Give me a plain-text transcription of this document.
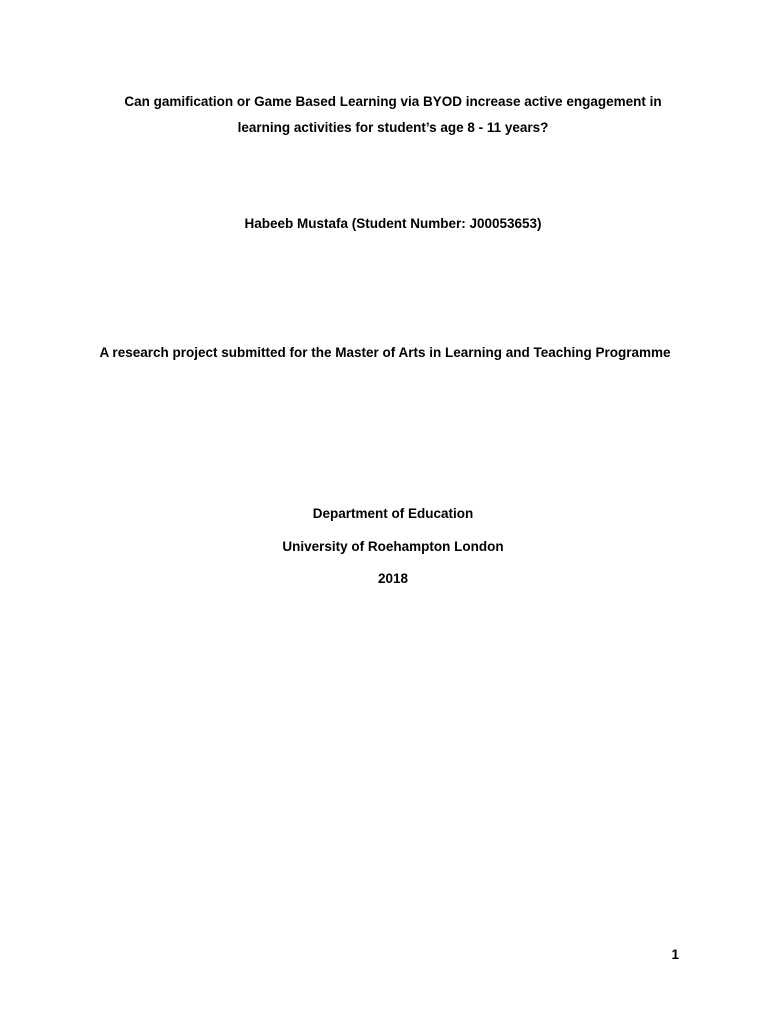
Can gamification or Game Based Learning via BYOD increase active engagement in
learning activities for student’s age 8 - 11 years?
Habeeb Mustafa (Student Number: J00053653)
A research project submitted for the Master of Arts in Learning and Teaching Programme
Department of Education
University of Roehampton London
2018
1
